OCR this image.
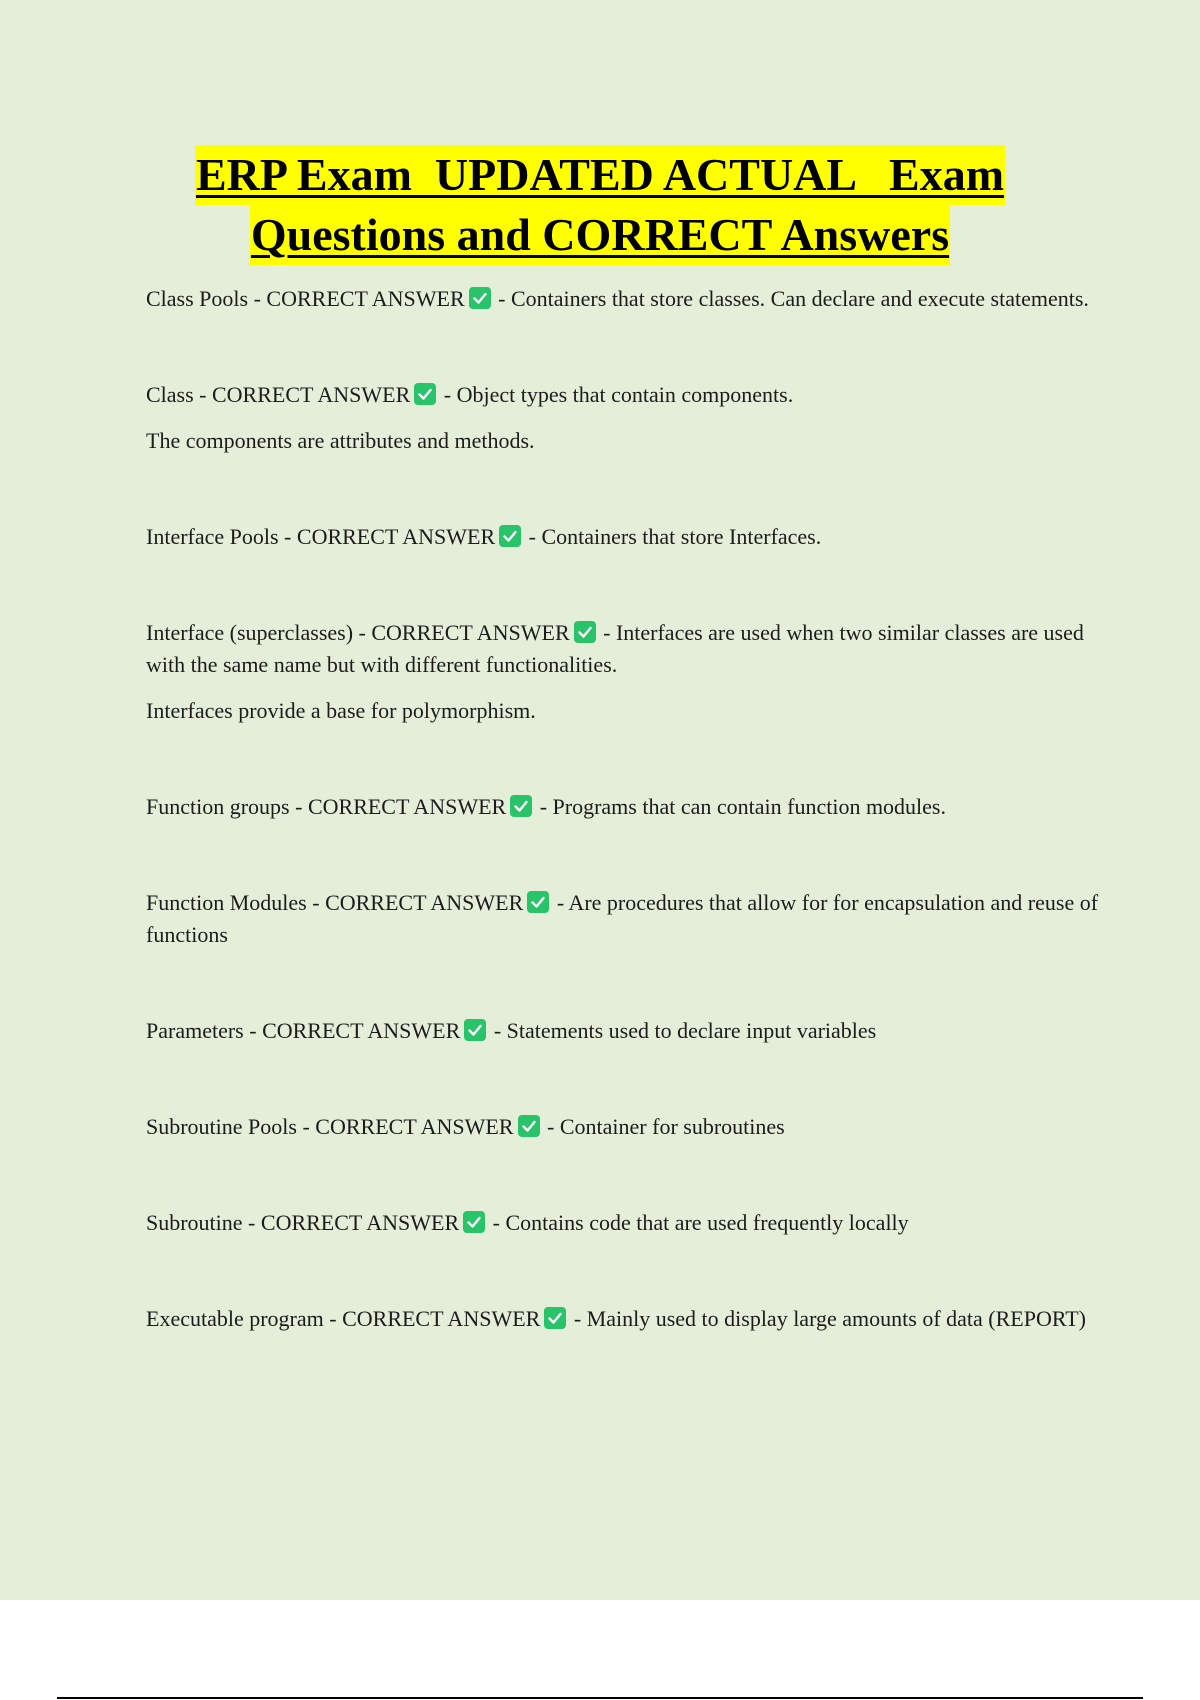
ERP Exam  UPDATED ACTUAL   Exam
Questions and CORRECT Answers

Class Pools - CORRECT ANSWER
- Containers that store classes. Can declare and execute statements.

Class - CORRECT ANSWER
- Object types that contain components.

The components are attributes and methods.

Interface Pools - CORRECT ANSWER
- Containers that store Interfaces.

Interface (superclasses) - CORRECT ANSWER
- Interfaces are used when two similar classes are used with the same name but with different functionalities.

Interfaces provide a base for polymorphism.

Function groups - CORRECT ANSWER
- Programs that can contain function modules.

Function Modules - CORRECT ANSWER
- Are procedures that allow for for encapsulation and reuse of functions

Parameters - CORRECT ANSWER
- Statements used to declare input variables

Subroutine Pools - CORRECT ANSWER
- Container for subroutines

Subroutine - CORRECT ANSWER
- Contains code that are used frequently locally

Executable program - CORRECT ANSWER
- Mainly used to display large amounts of data (REPORT)
